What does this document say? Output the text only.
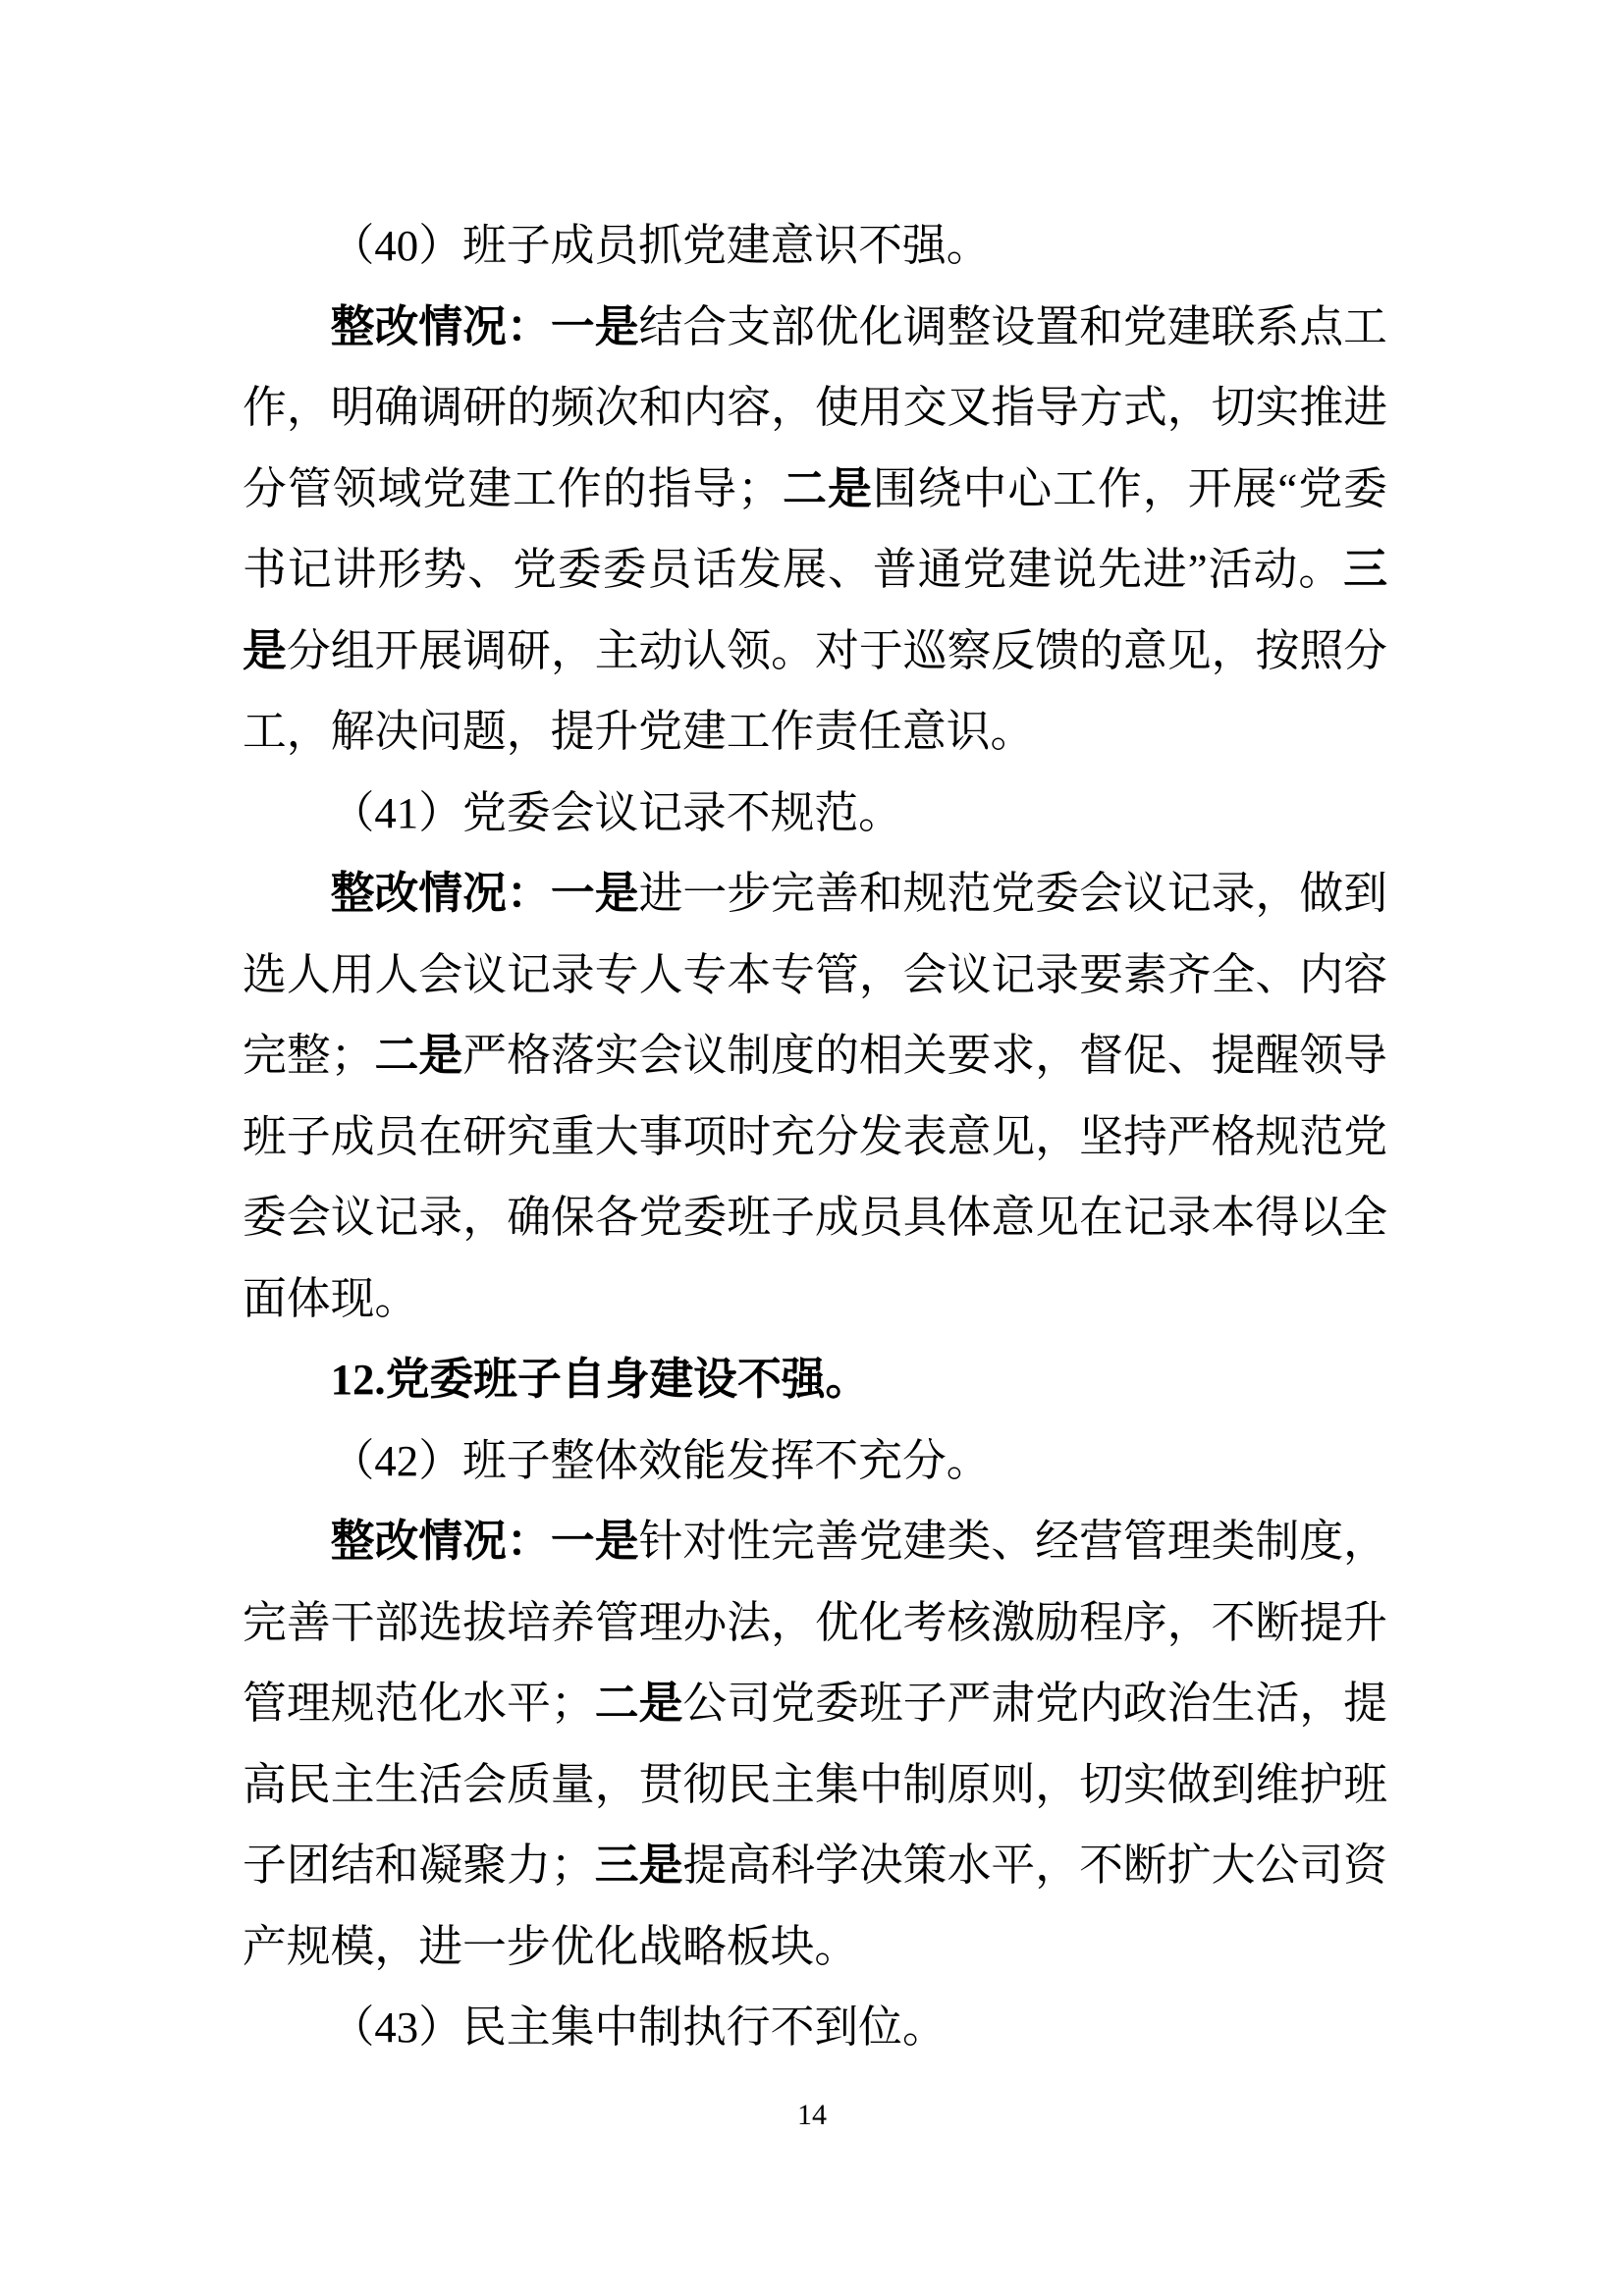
（40）班子成员抓党建意识不强。
整改情况：一是结合支部优化调整设置和党建联系点工
作，明确调研的频次和内容，使用交叉指导方式，切实推进
分管领域党建工作的指导；二是围绕中心工作，开展“党委
书记讲形势、党委委员话发展、普通党建说先进”活动。三
是分组开展调研，主动认领。对于巡察反馈的意见，按照分
工，解决问题，提升党建工作责任意识。
（41）党委会议记录不规范。
整改情况：一是进一步完善和规范党委会议记录，做到
选人用人会议记录专人专本专管，会议记录要素齐全、内容
完整；二是严格落实会议制度的相关要求，督促、提醒领导
班子成员在研究重大事项时充分发表意见，坚持严格规范党
委会议记录，确保各党委班子成员具体意见在记录本得以全
面体现。
12.党委班子自身建设不强。
（42）班子整体效能发挥不充分。
整改情况：一是针对性完善党建类、经营管理类制度，
完善干部选拔培养管理办法，优化考核激励程序，不断提升
管理规范化水平；二是公司党委班子严肃党内政治生活，提
高民主生活会质量，贯彻民主集中制原则，切实做到维护班
子团结和凝聚力；三是提高科学决策水平，不断扩大公司资
产规模，进一步优化战略板块。
（43）民主集中制执行不到位。
14
